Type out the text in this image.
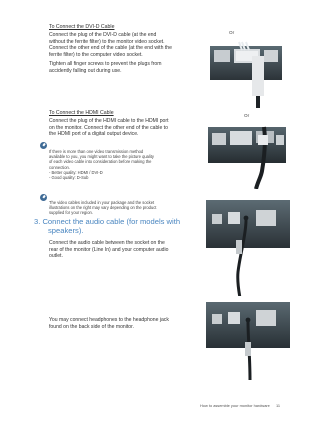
To Connect the DVI-D Cable
Connect the plug of the DVI-D cable (at the end
without the ferrite filter) to the monitor video socket.
Connect the other end of the cable (at the end with the
ferrite filter) to the computer video socket.
Tighten all finger screws to prevent the plugs from
accidently falling out during use.
Or
To Connect the HDMI Cable
Connect the plug of the HDMI cable to the HDMI port
on the monitor. Connect the other end of the cable to
the HDMI port of a digital output device.
Or
If there is more than one video transmission method
available to you, you might want to take the picture quality
of each video cable into consideration before making the
connection.
- Better quality: HDMI / DVI-D
- Good quality: D-Sub
The video cables included in your package and the socket
illustrations on the right may vary depending on the product
supplied for your region.
3. Connect the audio cable (for models with
speakers).
Connect the audio cable between the socket on the
rear of the monitor (Line In) and your computer audio
outlet.
You may connect headphones to the headphone jack
found on the back side of the monitor.
How to assemble your monitor hardware 11
